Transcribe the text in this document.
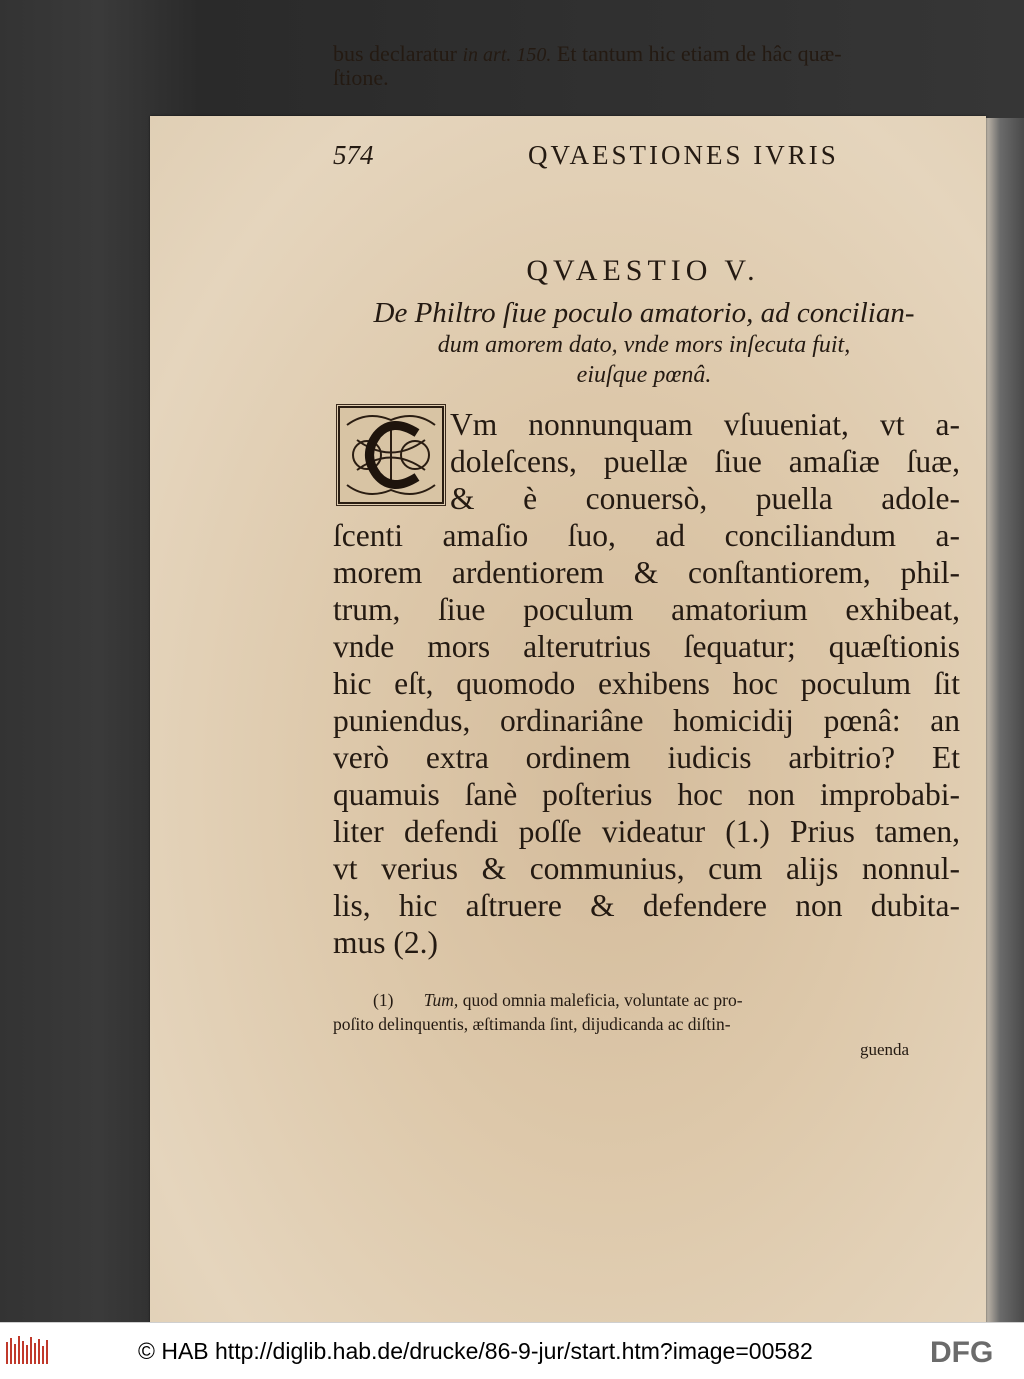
574	QVAESTIONES IVRIS
bus declaratur in art. 150. Et tantum hic etiam de hâc quæ-
ſtione.
QVAESTIO V.
De Philtro ſiue poculo amatorio, ad concilian-
dum amorem dato, vnde mors inſecuta fuit,
eiuſque pœnâ.
Vm nonnunquam vſuueniat, vt a-
doleſcens, puellæ ſiue amaſiæ ſuæ,
& è conuersò, puella adole-
ſcenti amaſio ſuo, ad conciliandum a-
morem ardentiorem & conſtantiorem, phil-
trum, ſiue poculum amatorium exhibeat,
vnde mors alterutrius ſequatur; quæſtionis
hic eſt, quomodo exhibens hoc poculum ſit
puniendus, ordinariâne homicidij pœnâ: an
verò extra ordinem iudicis arbitrio? Et
quamuis ſanè poſterius hoc non improbabi-
liter defendi poſſe videatur (1.) Prius tamen,
vt verius & communius, cum alijs nonnul-
lis, hic aſtruere & defendere non dubita-
mus (2.)
(1) Tum, quod omnia maleficia, voluntate ac pro-
poſito delinquentis, æſtimanda ſint, dijudicanda ac diſtin-
guenda
© HAB http://diglib.hab.de/drucke/86-9-jur/start.htm?image=00582	DFG
